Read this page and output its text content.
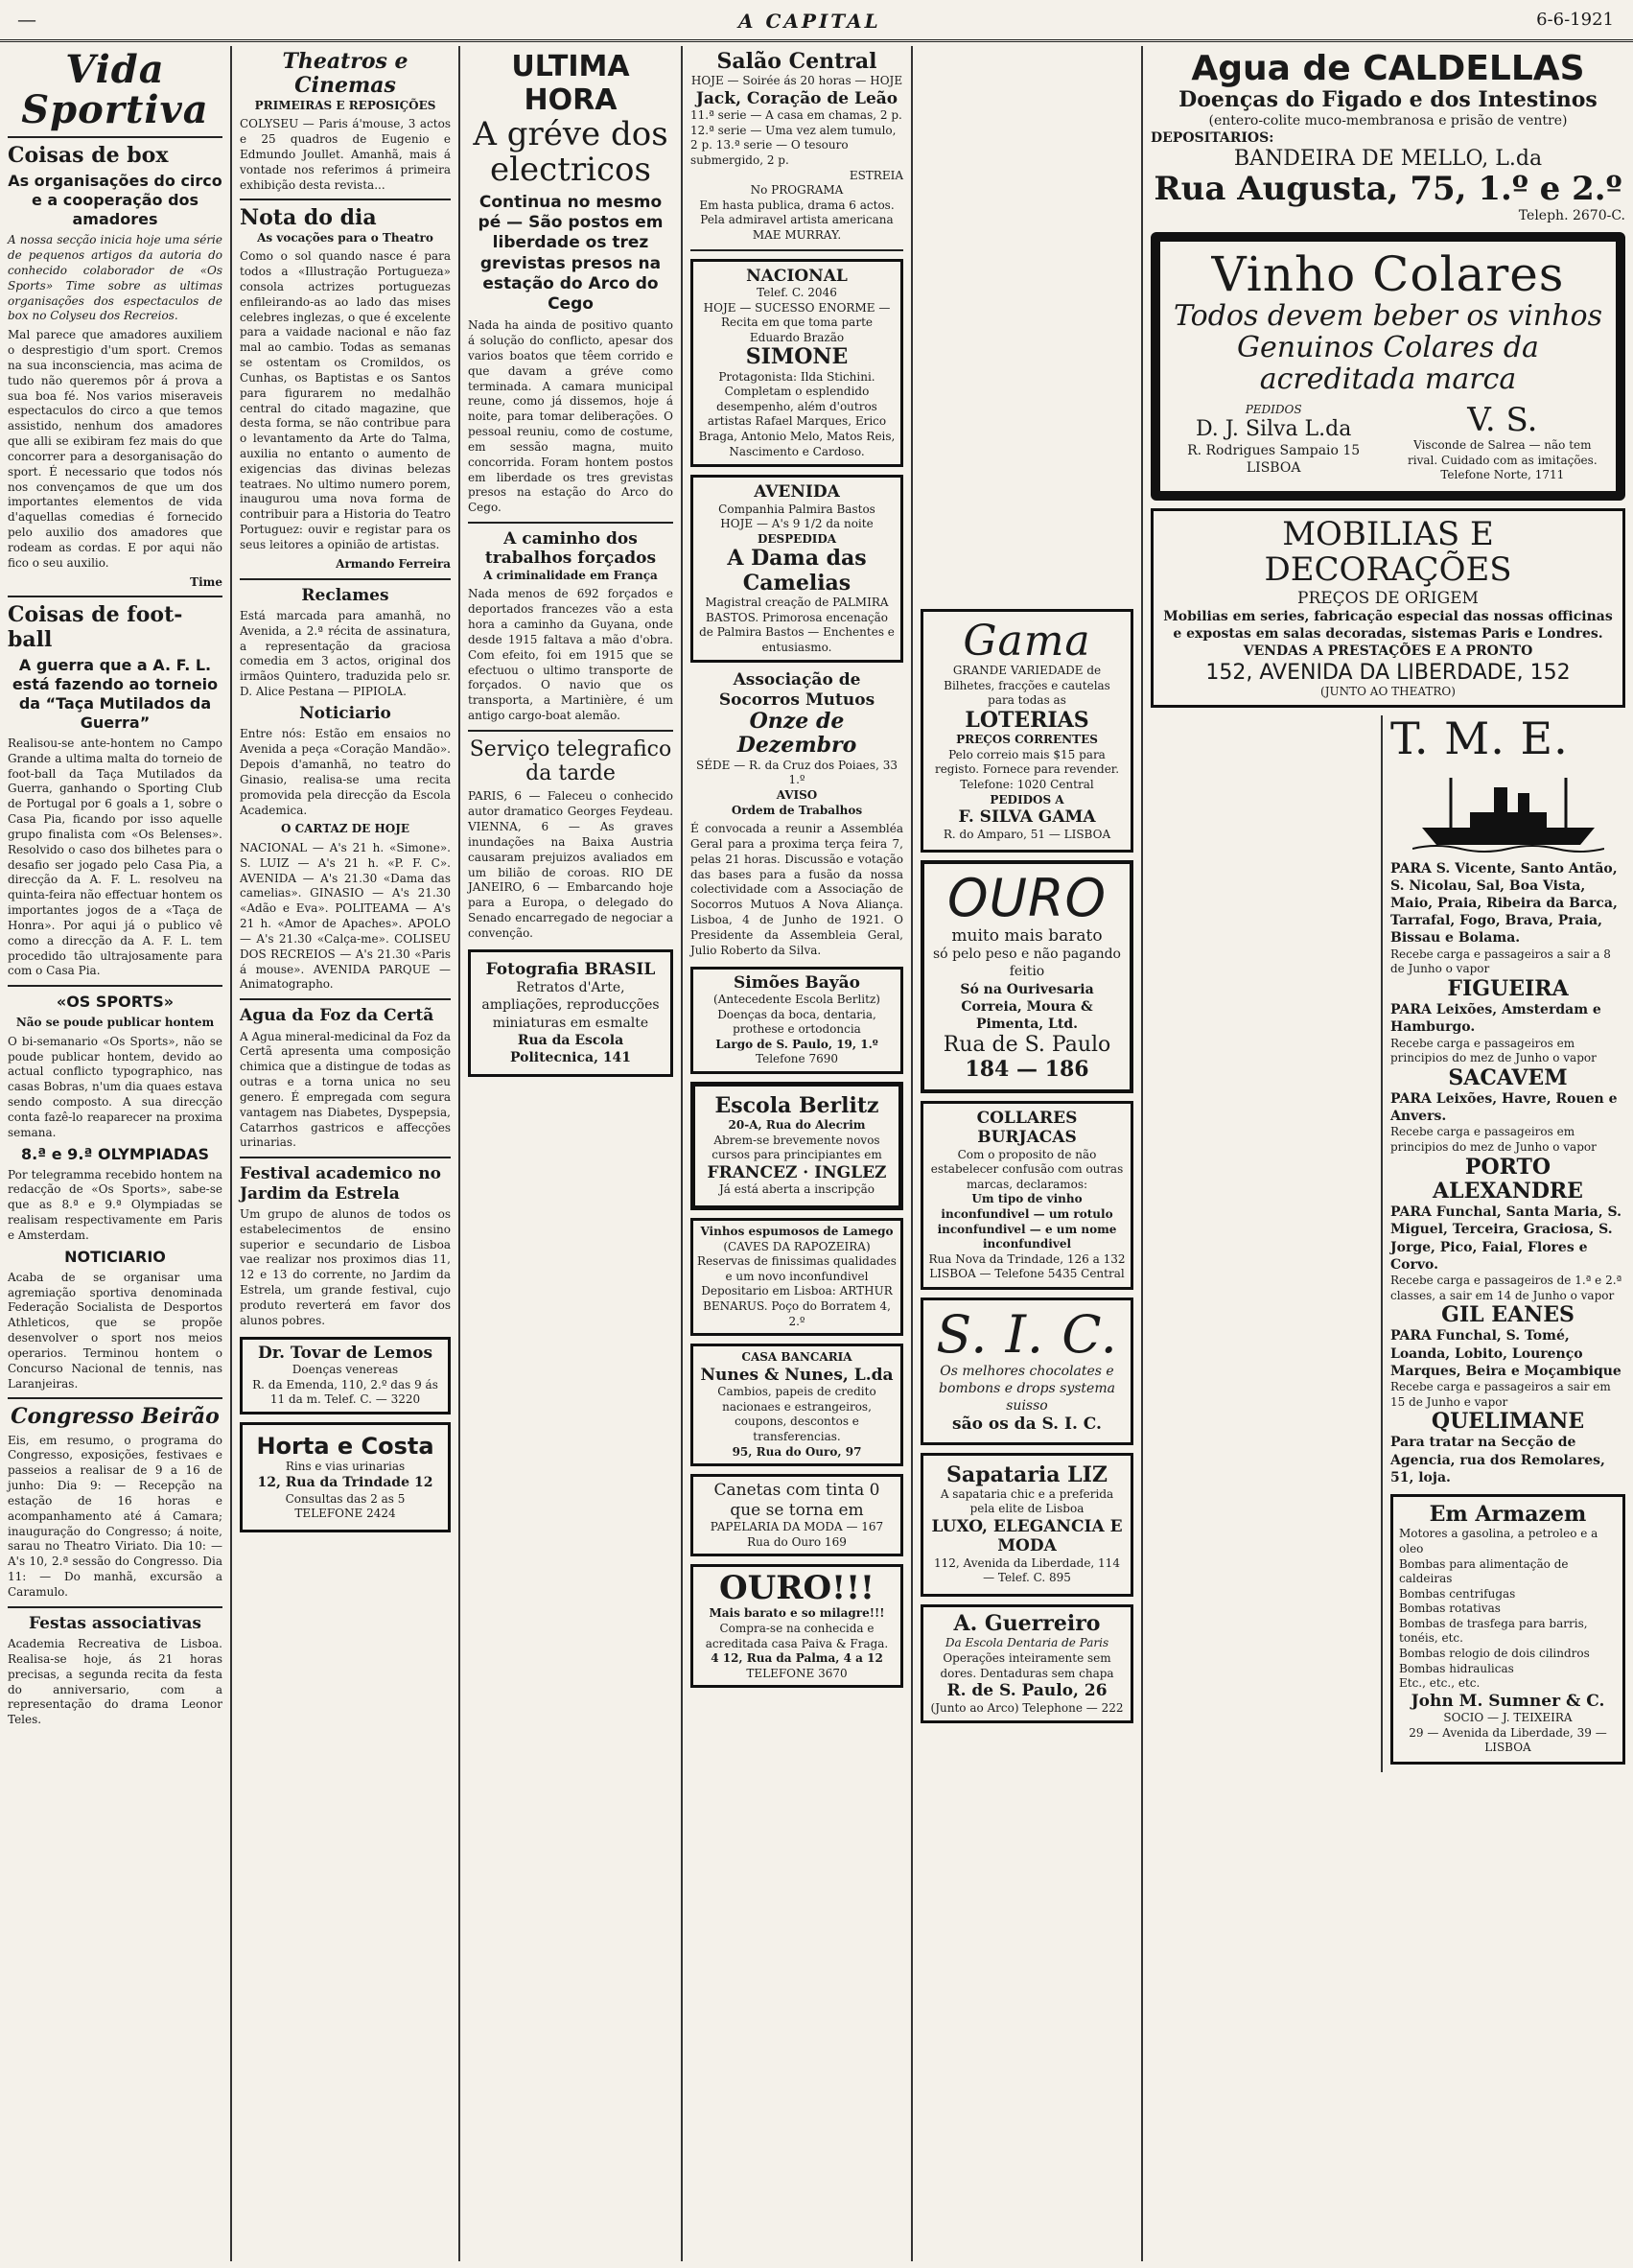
—	A CAPITAL	6-6-1921
Vida Sportiva
Coisas de box
As organisações do circo e a cooperação dos amadores
A nossa secção inicia hoje uma série de pequenos artigos da autoria do conhecido colaborador de «Os Sports» Time sobre as ultimas organisações dos espectaculos de box no Colyseu dos Recreios.
Mal parece que amadores auxiliem o desprestigio d'um sport. Cremos na sua inconsciencia, mas acima de tudo não queremos pôr á prova a sua boa fé. Nos varios miseraveis espectaculos do circo a que temos assistido, nenhum dos amadores que alli se exibiram fez mais do que concorrer para a desorganisação do sport. É necessario que todos nós nos convençamos de que um dos importantes elementos de vida d'aquellas comedias é fornecido pelo auxilio dos amadores que rodeam as cordas. E por aqui não fico o seu auxilio.
Time
Coisas de foot-ball
A guerra que a A. F. L. está fazendo ao torneio da “Taça Mutilados da Guerra”
Realisou-se ante-hontem no Campo Grande a ultima malta do torneio de foot-ball da Taça Mutilados da Guerra, ganhando o Sporting Club de Portugal por 6 goals a 1, sobre o Casa Pia, ficando por isso aquelle grupo finalista com «Os Belenses». Resolvido o caso dos bilhetes para o desafio ser jogado pelo Casa Pia, a direcção da A. F. L. resolveu na quinta-feira não effectuar hontem os importantes jogos de a «Taça de Honra». Por aqui já o publico vê como a direcção da A. F. L. tem procedido tão ultrajosamente para com o Casa Pia.
«OS SPORTS»
Não se poude publicar hontem
O bi-semanario «Os Sports», não se poude publicar hontem, devido ao actual conflicto typographico, nas casas Bobras, n'um dia quaes estava sendo composto. A sua direcção conta fazê-lo reaparecer na proxima semana.
8.ª e 9.ª OLYMPIADAS
Por telegramma recebido hontem na redacção de «Os Sports», sabe-se que as 8.ª e 9.ª Olympiadas se realisam respectivamente em Paris e Amsterdam.
NOTICIARIO
Acaba de se organisar uma agremiação sportiva denominada Federação Socialista de Desportos Athleticos, que se propõe desenvolver o sport nos meios operarios. Terminou hontem o Concurso Nacional de tennis, nas Laranjeiras.
Congresso Beirão
Eis, em resumo, o programa do Congresso, exposições, festivaes e passeios a realisar de 9 a 16 de junho: Dia 9: — Recepção na estação de 16 horas e acompanhamento até á Camara; inauguração do Congresso; á noite, sarau no Theatro Viriato. Dia 10: — A's 10, 2.ª sessão do Congresso. Dia 11: — Do manhã, excursão a Caramulo.
Festas associativas
Academia Recreativa de Lisboa. Realisa-se hoje, ás 21 horas precisas, a segunda recita da festa do anniversario, com a representação do drama Leonor Teles.
Theatros e Cinemas
PRIMEIRAS E REPOSIÇÕES
COLYSEU — Paris á'mouse, 3 actos e 25 quadros de Eugenio e Edmundo Joullet. Amanhã, mais á vontade nos referimos á primeira exhibição desta revista...
Nota do dia
As vocações para o Theatro
Como o sol quando nasce é para todos a «Illustração Portugueza» consola actrizes portuguezas enfileirando-as ao lado das mises celebres inglezas, o que é excelente para a vaidade nacional e não faz mal ao cambio. Todas as semanas se ostentam os Cromildos, os Cunhas, os Baptistas e os Santos para figurarem no medalhão central do citado magazine, que desta forma, se não contribue para o levantamento da Arte do Talma, auxilia no entanto o aumento de exigencias das divinas belezas teatraes. No ultimo numero porem, inaugurou uma nova forma de contribuir para a Historia do Teatro Portuguez: ouvir e registar para os seus leitores a opinião de artistas.
Armando Ferreira
Reclames
Está marcada para amanhã, no Avenida, a 2.ª récita de assinatura, a representação da graciosa comedia em 3 actos, original dos irmãos Quintero, traduzida pelo sr. D. Alice Pestana — PIPIOLA.
Noticiario
Entre nós: Estão em ensaios no Avenida a peça «Coração Mandão». Depois d'amanhã, no teatro do Ginasio, realisa-se uma recita promovida pela direcção da Escola Academica.
O CARTAZ DE HOJE
NACIONAL — A's 21 h. «Simone». S. LUIZ — A's 21 h. «P. F. C». AVENIDA — A's 21.30 «Dama das camelias». GINASIO — A's 21.30 «Adão e Eva». POLITEAMA — A's 21 h. «Amor de Apaches». APOLO — A's 21.30 «Calça-me». COLISEU DOS RECREIOS — A's 21.30 «Paris á mouse». AVENIDA PARQUE — Animatographo.
Agua da Foz da Certã
A Agua mineral-medicinal da Foz da Certã apresenta uma composição chimica que a distingue de todas as outras e a torna unica no seu genero. É empregada com segura vantagem nas Diabetes, Dyspepsia, Catarrhos gastricos e affecções urinarias.
Festival academico no Jardim da Estrela
Um grupo de alunos de todos os estabelecimentos de ensino superior e secundario de Lisboa vae realizar nos proximos dias 11, 12 e 13 do corrente, no Jardim da Estrela, um grande festival, cujo produto reverterá em favor dos alunos pobres.
Dr. Tovar de Lemos
Doenças venereas
R. da Emenda, 110, 2.º das 9 ás 11 da m. Telef. C. — 3220
Horta e Costa
Rins e vias urinarias
12, Rua da Trindade 12
Consultas das 2 as 5
TELEFONE 2424
ULTIMA HORA
A gréve dos electricos
Continua no mesmo pé — São postos em liberdade os trez grevistas presos na estação do Arco do Cego
Nada ha ainda de positivo quanto á solução do conflicto, apesar dos varios boatos que têem corrido e que davam a gréve como terminada. A camara municipal reune, como já dissemos, hoje á noite, para tomar deliberações. O pessoal reuniu, como de costume, em sessão magna, muito concorrida. Foram hontem postos em liberdade os tres grevistas presos na estação do Arco do Cego.
A caminho dos trabalhos forçados
A criminalidade em França
Nada menos de 692 forçados e deportados francezes vão a esta hora a caminho da Guyana, onde desde 1915 faltava a mão d'obra. Com efeito, foi em 1915 que se efectuou o ultimo transporte de forçados. O navio que os transporta, a Martinière, é um antigo cargo-boat alemão.
Serviço telegrafico da tarde
PARIS, 6 — Faleceu o conhecido autor dramatico Georges Feydeau. VIENNA, 6 — As graves inundações na Baixa Austria causaram prejuizos avaliados em um bilião de coroas. RIO DE JANEIRO, 6 — Embarcando hoje para a Europa, o delegado do Senado encarregado de negociar a convenção.
Fotografia BRASIL
Retratos d'Arte, ampliações, reproducções miniaturas em esmalte
Rua da Escola Politecnica, 141
Salão Central
HOJE — Soirée ás 20 horas — HOJE
Jack, Coração de Leão
11.ª serie — A casa em chamas, 2 p. 12.ª serie — Uma vez alem tumulo, 2 p. 13.ª serie — O tesouro submergido, 2 p.
ESTREIA
No PROGRAMA
Em hasta publica, drama 6 actos. Pela admiravel artista americana MAE MURRAY.
NACIONAL
Telef. C. 2046
HOJE — SUCESSO ENORME — Recita em que toma parte Eduardo Brazão
SIMONE
Protagonista: Ilda Stichini. Completam o esplendido desempenho, além d'outros artistas Rafael Marques, Erico Braga, Antonio Melo, Matos Reis, Nascimento e Cardoso.
AVENIDA
Companhia Palmira Bastos
HOJE — A's 9 1/2 da noite
DESPEDIDA
A Dama das Camelias
Magistral creação de PALMIRA BASTOS. Primorosa encenação de Palmira Bastos — Enchentes e entusiasmo.
Associação de Socorros Mutuos
Onze de Dezembro
SÉDE — R. da Cruz dos Poiaes, 33 1.º
AVISO
Ordem de Trabalhos
É convocada a reunir a Assembléa Geral para a proxima terça feira 7, pelas 21 horas. Discussão e votação das bases para a fusão da nossa colectividade com a Associação de Socorros Mutuos A Nova Aliança. Lisboa, 4 de Junho de 1921. O Presidente da Assembleia Geral, Julio Roberto da Silva.
Simões Bayão
(Antecedente Escola Berlitz) Doenças da boca, dentaria, prothese e ortodoncia
Largo de S. Paulo, 19, 1.º
Telefone 7690
Escola Berlitz
20-A, Rua do Alecrim
Abrem-se brevemente novos cursos para principiantes em
FRANCEZ · INGLEZ
Já está aberta a inscripção
Vinhos espumosos de Lamego
(CAVES DA RAPOZEIRA) Reservas de finissimas qualidades e um novo inconfundivel
Depositario em Lisboa: ARTHUR BENARUS. Poço do Borratem 4, 2.º
CASA BANCARIA
Nunes & Nunes, L.da
Cambios, papeis de credito nacionaes e estrangeiros, coupons, descontos e transferencias.
95, Rua do Ouro, 97
Canetas com tinta 0 que se torna em
PAPELARIA DA MODA — 167 Rua do Ouro 169
OURO!!!
Mais barato e so milagre!!!
Compra-se na conhecida e acreditada casa Paiva & Fraga.
4 12, Rua da Palma, 4 a 12
TELEFONE 3670
Gama
GRANDE VARIEDADE de Bilhetes, fracções e cautelas para todas as
LOTERIAS
PREÇOS CORRENTES
Pelo correio mais $15 para registo. Fornece para revender. Telefone: 1020 Central
PEDIDOS A
F. SILVA GAMA
R. do Amparo, 51 — LISBOA
OURO
muito mais barato
só pelo peso e não pagando feitio
Só na Ourivesaria Correia, Moura & Pimenta, Ltd.
Rua de S. Paulo
184 — 186
COLLARES BURJACAS
Com o proposito de não estabelecer confusão com outras marcas, declaramos:
Um tipo de vinho inconfundivel — um rotulo inconfundivel — e um nome inconfundivel
Rua Nova da Trindade, 126 a 132 LISBOA — Telefone 5435 Central
S. I. C.
Os melhores chocolates e bombons e drops systema suisso
são os da S. I. C.
Sapataria LIZ
A sapataria chic e a preferida pela elite de Lisboa
LUXO, ELEGANCIA E MODA
112, Avenida da Liberdade, 114 — Telef. C. 895
A. Guerreiro
Da Escola Dentaria de Paris
Operações inteiramente sem dores. Dentaduras sem chapa
R. de S. Paulo, 26
(Junto ao Arco) Telephone — 222
Agua de CALDELLAS
Doenças do Figado e dos Intestinos
(entero-colite muco-membranosa e prisão de ventre)
DEPOSITARIOS:
BANDEIRA DE MELLO, L.da
Rua Augusta, 75, 1.º e 2.º
Teleph. 2670-C.
Vinho Colares
Todos devem beber os vinhos Genuinos Colares da acreditada marca
PEDIDOS
D. J. Silva L.da
R. Rodrigues Sampaio 15 LISBOA
V. S.
Visconde de Salrea — não tem rival. Cuidado com as imitações. Telefone Norte, 1711
MOBILIAS E DECORAÇÕES
PREÇOS DE ORIGEM
Mobilias em series, fabricação especial das nossas officinas e expostas em salas decoradas, sistemas Paris e Londres.
VENDAS A PRESTAÇÕES E A PRONTO
152, AVENIDA DA LIBERDADE, 152
(JUNTO AO THEATRO)
T. M. E.
PARA S. Vicente, Santo Antão, S. Nicolau, Sal, Boa Vista, Maio, Praia, Ribeira da Barca, Tarrafal, Fogo, Brava, Praia, Bissau e Bolama.
Recebe carga e passageiros a sair a 8 de Junho o vapor
FIGUEIRA
PARA Leixões, Amsterdam e Hamburgo.
Recebe carga e passageiros em principios do mez de Junho o vapor
SACAVEM
PARA Leixões, Havre, Rouen e Anvers.
Recebe carga e passageiros em principios do mez de Junho o vapor
PORTO ALEXANDRE
PARA Funchal, Santa Maria, S. Miguel, Terceira, Graciosa, S. Jorge, Pico, Faial, Flores e Corvo.
Recebe carga e passageiros de 1.ª e 2.ª classes, a sair em 14 de Junho o vapor
GIL EANES
PARA Funchal, S. Tomé, Loanda, Lobito, Lourenço Marques, Beira e Moçambique
Recebe carga e passageiros a sair em 15 de Junho e vapor
QUELIMANE
Para tratar na Secção de Agencia, rua dos Remolares, 51, loja.
Em Armazem
Motores a gasolina, a petroleo e a oleo
Bombas para alimentação de caldeiras
Bombas centrifugas
Bombas rotativas
Bombas de trasfega para barris, tonéis, etc.
Bombas relogio de dois cilindros
Bombas hidraulicas
Etc., etc., etc.
John M. Sumner & C.
SOCIO — J. TEIXEIRA
29 — Avenida da Liberdade, 39 — LISBOA
